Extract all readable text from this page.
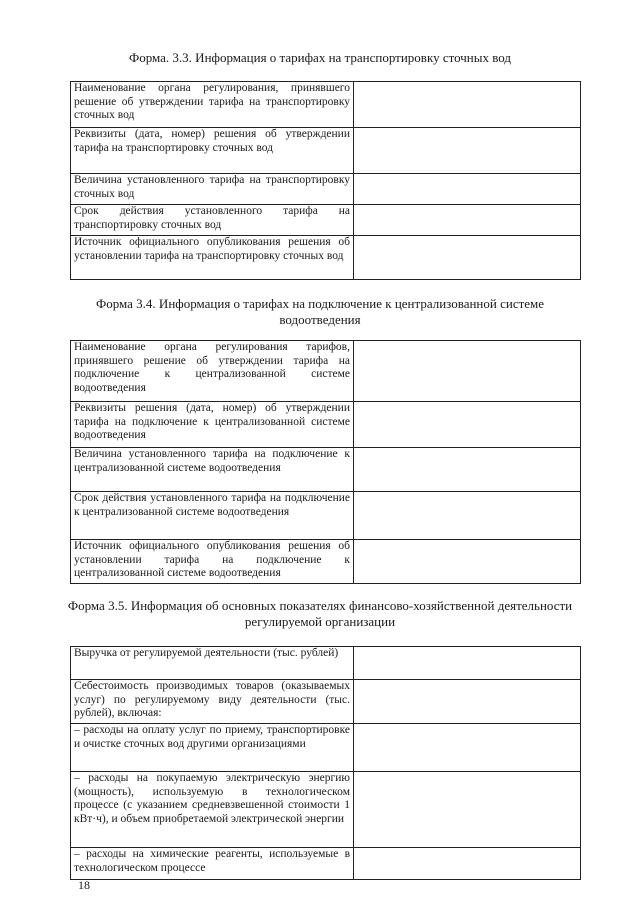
Форма. 3.3. Информация о тарифах на транспортировку сточных вод
Наименование органа регулирования, принявшего решение об утверждении тарифа на транспортировку сточных вод	
Реквизиты (дата, номер) решения об утверждении тарифа на транспортировку сточных вод	
Величина установленного тарифа на транспортировку сточных вод	
Срок действия установленного тарифа на транспортировку сточных вод	
Источник официального опубликования решения об установлении тарифа на транспортировку сточных вод	
Форма 3.4. Информация о тарифах на подключение к централизованной системе водоотведения
Наименование органа регулирования тарифов, принявшего решение об утверждении тарифа на подключение к централизованной системе водоотведения	
Реквизиты решения (дата, номер) об утверждении тарифа на подключение к централизованной системе водоотведения	
Величина установленного тарифа на подключение к централизованной системе водоотведения	
Срок действия установленного тарифа на подключение к централизованной системе водоотведения	
Источник официального опубликования решения об установлении тарифа на подключение к централизованной системе водоотведения	
Форма 3.5. Информация об основных показателях финансово-хозяйственной деятельности регулируемой организации
Выручка от регулируемой деятельности (тыс. рублей)	
Себестоимость производимых товаров (оказываемых услуг) по регулируемому виду деятельности (тыс. рублей), включая:	
– расходы на оплату услуг по приему, транспортировке и очистке сточных вод другими организациями	
– расходы на покупаемую электрическую энергию (мощность), используемую в технологическом процессе (с указанием средневзвешенной стоимости 1 кВт·ч), и объем приобретаемой электрической энергии	
– расходы на химические реагенты, используемые в технологическом процессе	
18
